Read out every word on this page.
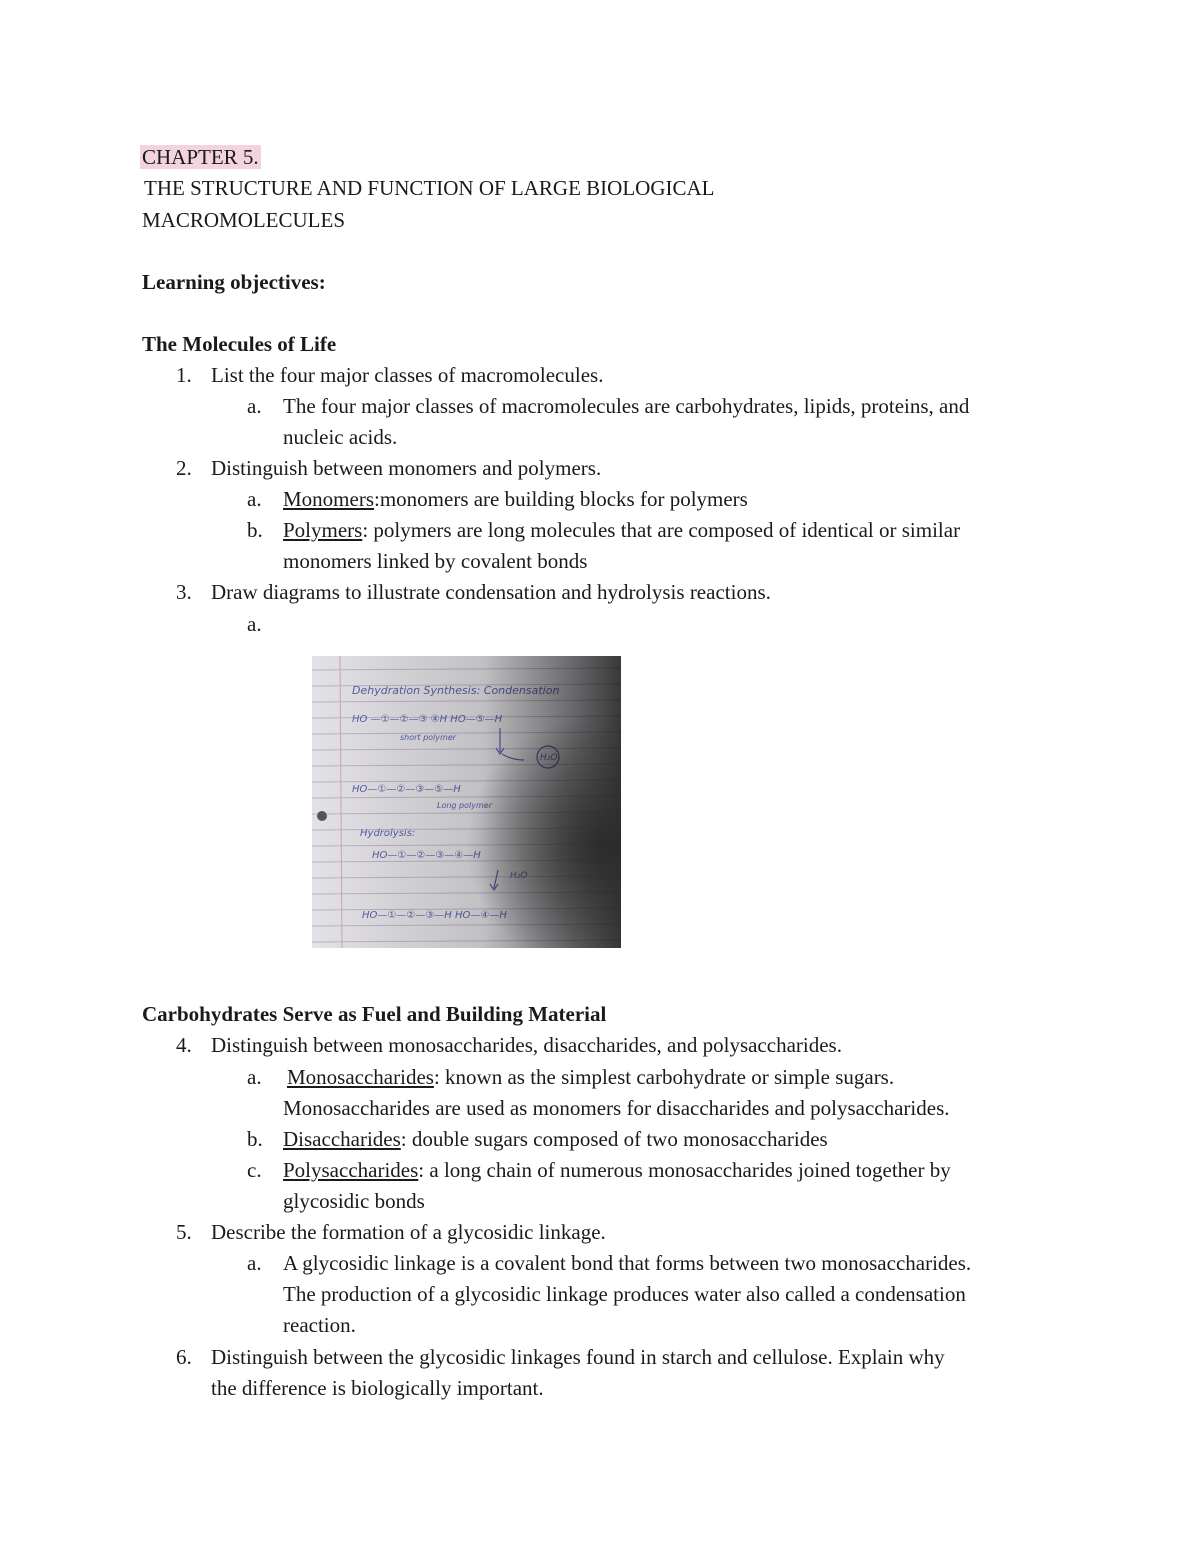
CHAPTER 5.
THE STRUCTURE AND FUNCTION OF LARGE BIOLOGICAL
MACROMOLECULES
Learning objectives:
The Molecules of Life
1. List the four major classes of macromolecules.
a. The four major classes of macromolecules are carbohydrates, lipids, proteins, and
nucleic acids.
2. Distinguish between monomers and polymers.
a. Monomers:monomers are building blocks for polymers
b. Polymers: polymers are long molecules that are composed of identical or similar
monomers linked by covalent bonds
3. Draw diagrams to illustrate condensation and hydrolysis reactions.
a.
Carbohydrates Serve as Fuel and Building Material
4. Distinguish between monosaccharides, disaccharides, and polysaccharides.
a. Monosaccharides: known as the simplest carbohydrate or simple sugars.
Monosaccharides are used as monomers for disaccharides and polysaccharides.
b. Disaccharides: double sugars composed of two monosaccharides
c. Polysaccharides: a long chain of numerous monosaccharides joined together by
glycosidic bonds
5. Describe the formation of a glycosidic linkage.
a. A glycosidic linkage is a covalent bond that forms between two monosaccharides.
The production of a glycosidic linkage produces water also called a condensation
reaction.
6. Distinguish between the glycosidic linkages found in starch and cellulose. Explain why
the difference is biologically important.
